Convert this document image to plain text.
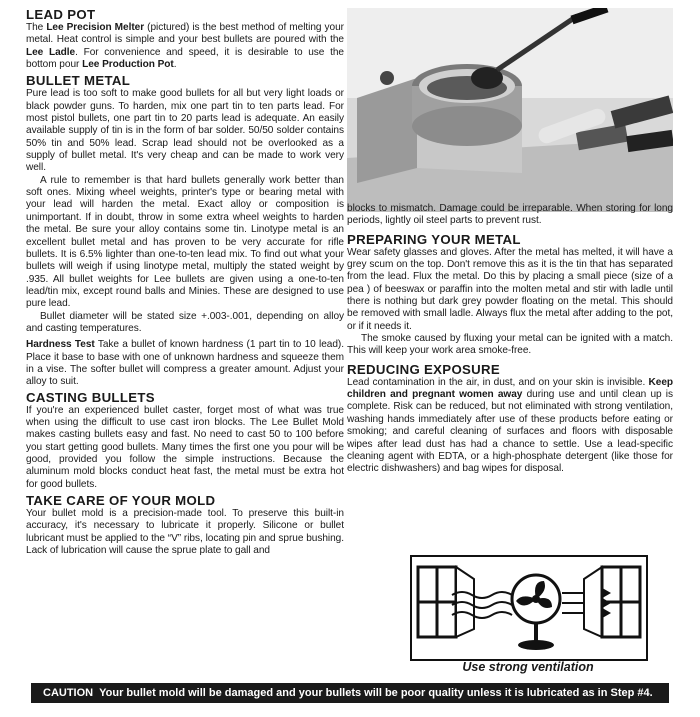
LEAD POT

The Lee Precision Melter (pictured) is the best method of melting your metal. Heat control is simple and your best bullets are poured with the Lee Ladle. For convenience and speed, it is desirable to use the bottom pour Lee Production Pot.

BULLET METAL

Pure lead is too soft to make good bullets for all but very light loads or black powder guns. To harden, mix one part tin to ten parts lead. For most pistol bullets, one part tin to 20 parts lead is adequate. An easily available supply of tin is in the form of bar solder. 50/50 solder contains 50% tin and 50% lead. Scrap lead should not be overlooked as a supply of bullet metal. It's very cheap and can be made to work very well.

A rule to remember is that hard bullets generally work better than soft ones. Mixing wheel weights, printer's type or bearing metal with your lead will harden the metal. Exact alloy or composition is unimportant. If in doubt, throw in some extra wheel weights to harden the metal. Be sure your alloy contains some tin. Linotype metal is an excellent bullet metal and has proven to be very accurate for rifle bullets. It is 6.5% lighter than one-to-ten lead mix. To find out what your bullets will weigh if using linotype metal, multiply the stated weight by .935. All bullet weights for Lee bullets are given using a one-to-ten lead/tin mix, except round balls and Minies. These are designed to use pure lead.

Bullet diameter will be stated size +.003-.001, depending on alloy and casting temperatures.

Hardness Test Take a bullet of known hardness (1 part tin to 10 lead). Place it base to base with one of unknown hardness and squeeze them in a vise. The softer bullet will compress a greater amount. Adjust your alloy to suit.

CASTING BULLETS

If you're an experienced bullet caster, forget most of what was true when using the difficult to use cast iron blocks. The Lee Bullet Mold makes casting bullets easy and fast. No need to cast 50 to 100 before you start getting good bullets. Many times the first one you pour will be good, provided you follow the simple instructions. Because the aluminum mold blocks conduct heat fast, the metal must be extra hot for good bullets.

TAKE CARE OF YOUR MOLD

Your bullet mold is a precision-made tool. To preserve this built-in accuracy, it's necessary to lubricate it properly. Silicone or bullet lubricant must be applied to the “V” ribs, locating pin and sprue bushing. Lack of lubrication will cause the sprue plate to gall and

blocks to mismatch. Damage could be irreparable. When storing for long periods, lightly oil steel parts to prevent rust.

PREPARING YOUR METAL

Wear safety glasses and gloves. After the metal has melted, it will have a grey scum on the top. Don't remove this as it is the tin that has separated from the lead. Flux the metal. Do this by placing a small piece (size of a pea ) of beeswax or paraffin into the molten metal and stir with ladle until there is nothing but dark grey powder floating on the metal. This should be removed with small ladle. Always flux the metal after adding to the pot, or if it needs it.

The smoke caused by fluxing your metal can be ignited with a match. This will keep your work area smoke-free.

REDUCING EXPOSURE

Lead contamination in the air, in dust, and on your skin is invisible. Keep children and pregnant women away during use and until clean up is complete. Risk can be reduced, but not eliminated with strong ventilation, washing hands immediately after use of these products before eating or smoking; and careful cleaning of surfaces and floors with disposable wipes after lead dust has had a chance to settle. Use a lead-specific cleaning agent with EDTA, or a high-phosphate detergent (like those for electric dishwashers) and bag wipes for disposal.

Use strong ventilation
CAUTION Your bullet mold will be damaged and your bullets will be poor quality unless it is lubricated as in Step #4.
